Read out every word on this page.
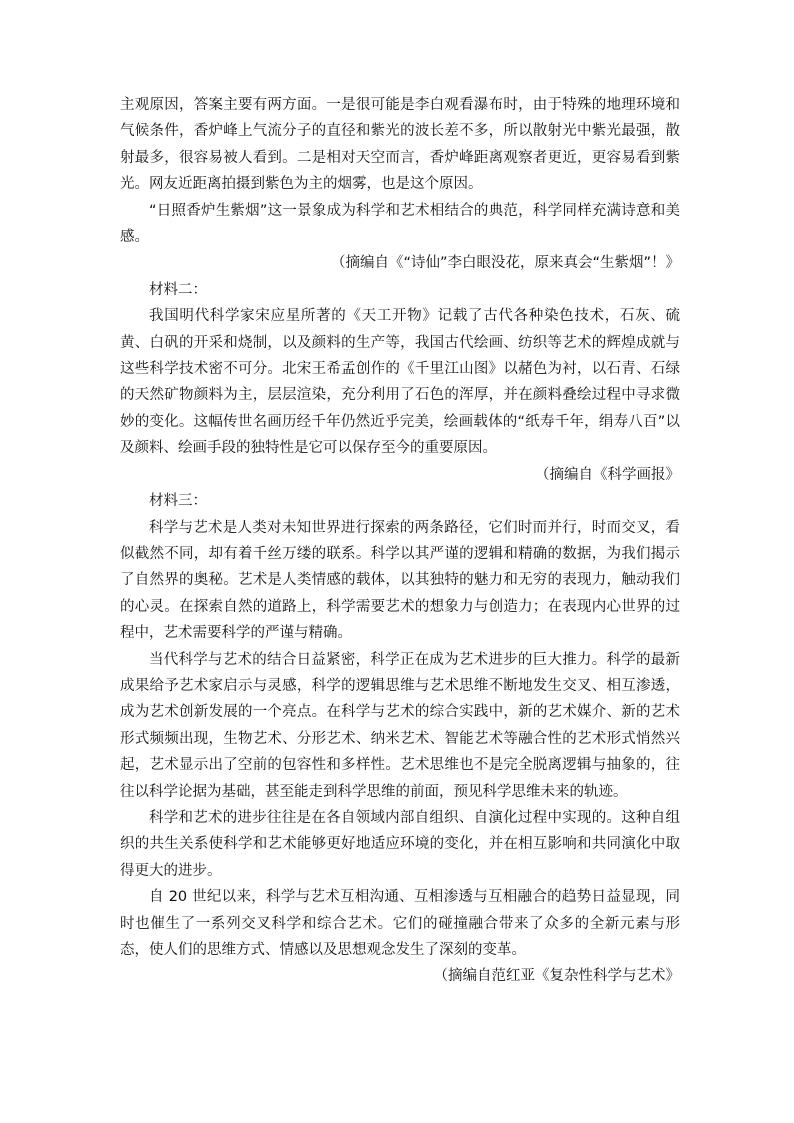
主观原因，答案主要有两方面。一是很可能是李白观看瀑布时，由于特殊的地理环境和气候条件，香炉峰上气流分子的直径和紫光的波长差不多，所以散射光中紫光最强，散射最多，很容易被人看到。二是相对天空而言，香炉峰距离观察者更近，更容易看到紫光。网友近距离拍摄到紫色为主的烟雾，也是这个原因。

“日照香炉生紫烟”这一景象成为科学和艺术相结合的典范，科学同样充满诗意和美感。

（摘编自《“诗仙”李白眼没花，原来真会“生紫烟”！》

材料二：

我国明代科学家宋应星所著的《天工开物》记载了古代各种染色技术，石灰、硫黄、白矾的开采和烧制，以及颜料的生产等，我国古代绘画、纺织等艺术的辉煌成就与这些科学技术密不可分。北宋王希孟创作的《千里江山图》以赭色为衬，以石青、石绿的天然矿物颜料为主，层层渲染，充分利用了石色的浑厚，并在颜料叠绘过程中寻求微妙的变化。这幅传世名画历经千年仍然近乎完美，绘画载体的“纸寿千年，绢寿八百”以及颜料、绘画手段的独特性是它可以保存至今的重要原因。

（摘编自《科学画报》

材料三：

科学与艺术是人类对未知世界进行探索的两条路径，它们时而并行，时而交叉，看似截然不同，却有着千丝万缕的联系。科学以其严谨的逻辑和精确的数据，为我们揭示了自然界的奥秘。艺术是人类情感的载体，以其独特的魅力和无穷的表现力，触动我们的心灵。在探索自然的道路上，科学需要艺术的想象力与创造力；在表现内心世界的过程中，艺术需要科学的严谨与精确。

当代科学与艺术的结合日益紧密，科学正在成为艺术进步的巨大推力。科学的最新成果给予艺术家启示与灵感，科学的逻辑思维与艺术思维不断地发生交叉、相互渗透，成为艺术创新发展的一个亮点。在科学与艺术的综合实践中，新的艺术媒介、新的艺术形式频频出现，生物艺术、分形艺术、纳米艺术、智能艺术等融合性的艺术形式悄然兴起，艺术显示出了空前的包容性和多样性。艺术思维也不是完全脱离逻辑与抽象的，往往以科学论据为基础，甚至能走到科学思维的前面，预见科学思维未来的轨迹。

科学和艺术的进步往往是在各自领域内部自组织、自演化过程中实现的。这种自组织的共生关系使科学和艺术能够更好地适应环境的变化，并在相互影响和共同演化中取得更大的进步。

自 20 世纪以来，科学与艺术互相沟通、互相渗透与互相融合的趋势日益显现，同时也催生了一系列交叉科学和综合艺术。它们的碰撞融合带来了众多的全新元素与形态，使人们的思维方式、情感以及思想观念发生了深刻的变革。

（摘编自范红亚《复杂性科学与艺术》
